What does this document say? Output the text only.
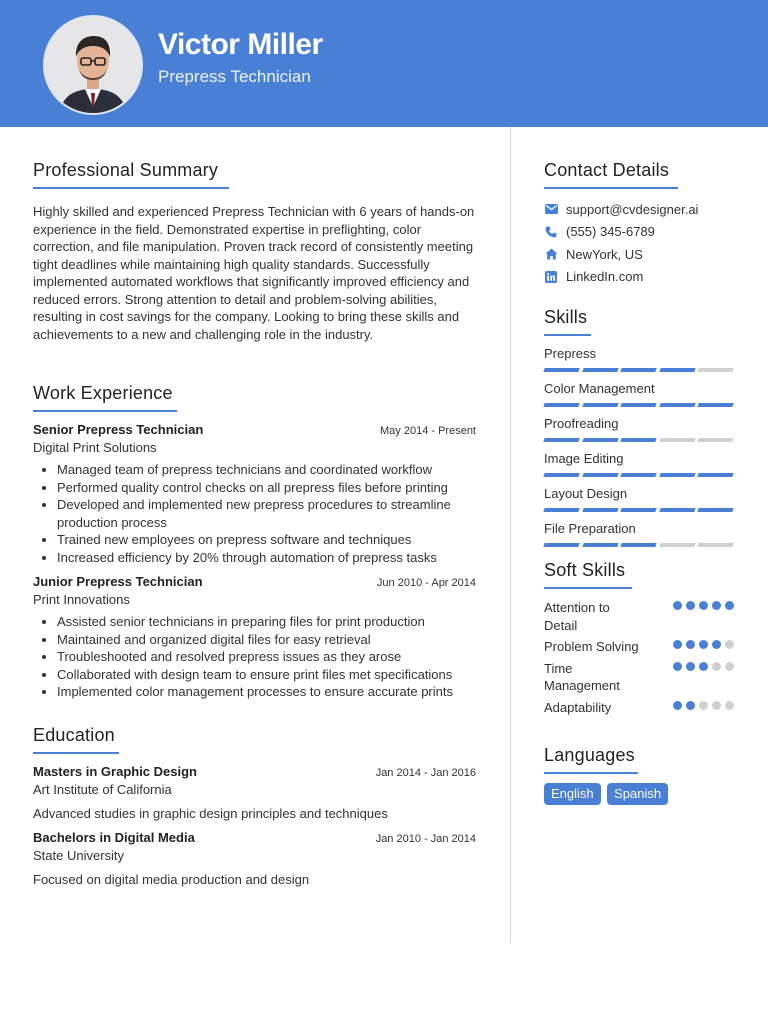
Victor Miller
Prepress Technician
Professional Summary

Highly skilled and experienced Prepress Technician with 6 years of hands-on experience in the field. Demonstrated expertise in preflighting, color correction, and file manipulation. Proven track record of consistently meeting tight deadlines while maintaining high quality standards. Successfully implemented automated workflows that significantly improved efficiency and reduced errors. Strong attention to detail and problem-solving abilities, resulting in cost savings for the company. Looking to bring these skills and achievements to a new and challenging role in the industry.

Work Experience
Senior Prepress Technician	May 2014 - Present
Digital Print Solutions
• Managed team of prepress technicians and coordinated workflow
• Performed quality control checks on all prepress files before printing
• Developed and implemented new prepress procedures to streamline production process
• Trained new employees on prepress software and techniques
• Increased efficiency by 20% through automation of prepress tasks
Junior Prepress Technician	Jun 2010 - Apr 2014
Print Innovations
• Assisted senior technicians in preparing files for print production
• Maintained and organized digital files for easy retrieval
• Troubleshooted and resolved prepress issues as they arose
• Collaborated with design team to ensure print files met specifications
• Implemented color management processes to ensure accurate prints
Education
Masters in Graphic Design	Jan 2014 - Jan 2016
Art Institute of California
Advanced studies in graphic design principles and techniques
Bachelors in Digital Media	Jan 2010 - Jan 2014
State University
Focused on digital media production and design
Contact Details
support@cvdesigner.ai
(555) 345-6789
NewYork, US
LinkedIn.com
Skills
Prepress
Color Management
Proofreading
Image Editing
Layout Design
File Preparation
Soft Skills
Attention to Detail
Problem Solving
Time Management
Adaptability
Languages
English Spanish
